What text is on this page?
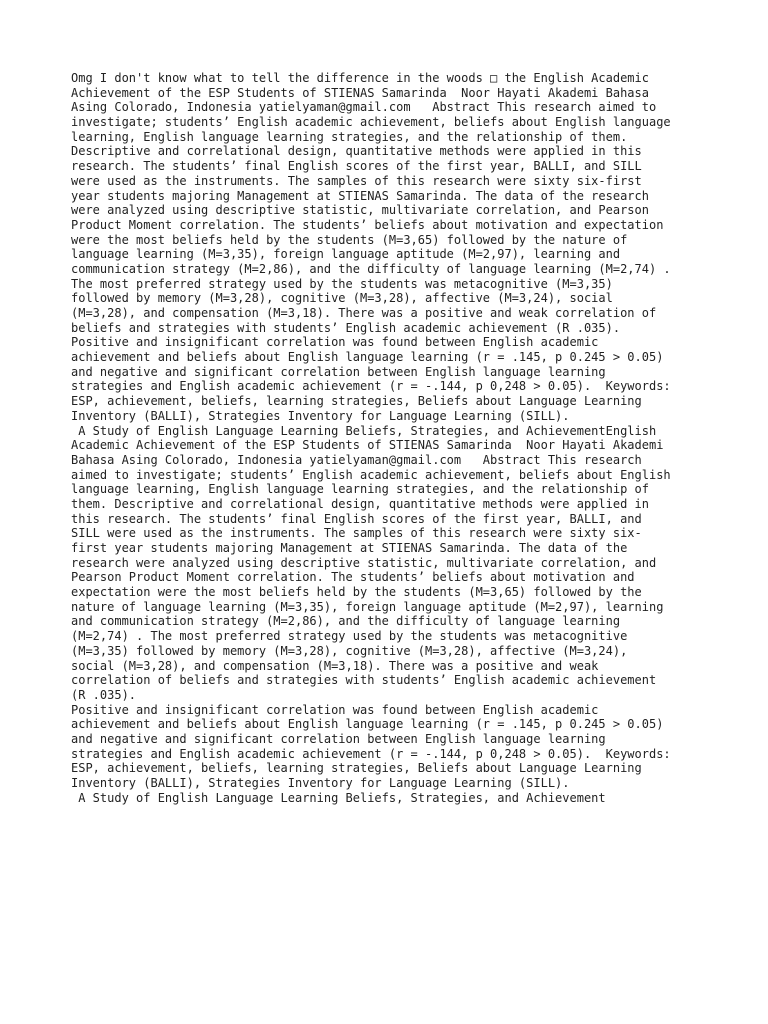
Omg I don't know what to tell the difference in the woods □ the English Academic
Achievement of the ESP Students of STIENAS Samarinda  Noor Hayati Akademi Bahasa
Asing Colorado, Indonesia yatielyaman@gmail.com   Abstract This research aimed to
investigate; students’ English academic achievement, beliefs about English language
learning, English language learning strategies, and the relationship of them.
Descriptive and correlational design, quantitative methods were applied in this
research. The students’ final English scores of the first year, BALLI, and SILL
were used as the instruments. The samples of this research were sixty six-first
year students majoring Management at STIENAS Samarinda. The data of the research
were analyzed using descriptive statistic, multivariate correlation, and Pearson
Product Moment correlation. The students’ beliefs about motivation and expectation
were the most beliefs held by the students (M=3,65) followed by the nature of
language learning (M=3,35), foreign language aptitude (M=2,97), learning and
communication strategy (M=2,86), and the difficulty of language learning (M=2,74) .
The most preferred strategy used by the students was metacognitive (M=3,35)
followed by memory (M=3,28), cognitive (M=3,28), affective (M=3,24), social
(M=3,28), and compensation (M=3,18). There was a positive and weak correlation of
beliefs and strategies with students’ English academic achievement (R .035).
Positive and insignificant correlation was found between English academic
achievement and beliefs about English language learning (r = .145, p 0.245 > 0.05)
and negative and significant correlation between English language learning
strategies and English academic achievement (r = -.144, p 0,248 > 0.05).  Keywords:
ESP, achievement, beliefs, learning strategies, Beliefs about Language Learning
Inventory (BALLI), Strategies Inventory for Language Learning (SILL).
A Study of English Language Learning Beliefs, Strategies, and AchievementEnglish
Academic Achievement of the ESP Students of STIENAS Samarinda  Noor Hayati Akademi
Bahasa Asing Colorado, Indonesia yatielyaman@gmail.com   Abstract This research
aimed to investigate; students’ English academic achievement, beliefs about English
language learning, English language learning strategies, and the relationship of
them. Descriptive and correlational design, quantitative methods were applied in
this research. The students’ final English scores of the first year, BALLI, and
SILL were used as the instruments. The samples of this research were sixty six-
first year students majoring Management at STIENAS Samarinda. The data of the
research were analyzed using descriptive statistic, multivariate correlation, and
Pearson Product Moment correlation. The students’ beliefs about motivation and
expectation were the most beliefs held by the students (M=3,65) followed by the
nature of language learning (M=3,35), foreign language aptitude (M=2,97), learning
and communication strategy (M=2,86), and the difficulty of language learning
(M=2,74) . The most preferred strategy used by the students was metacognitive
(M=3,35) followed by memory (M=3,28), cognitive (M=3,28), affective (M=3,24),
social (M=3,28), and compensation (M=3,18). There was a positive and weak
correlation of beliefs and strategies with students’ English academic achievement
(R .035).
Positive and insignificant correlation was found between English academic
achievement and beliefs about English language learning (r = .145, p 0.245 > 0.05)
and negative and significant correlation between English language learning
strategies and English academic achievement (r = -.144, p 0,248 > 0.05).  Keywords:
ESP, achievement, beliefs, learning strategies, Beliefs about Language Learning
Inventory (BALLI), Strategies Inventory for Language Learning (SILL).
A Study of English Language Learning Beliefs, Strategies, and Achievement
